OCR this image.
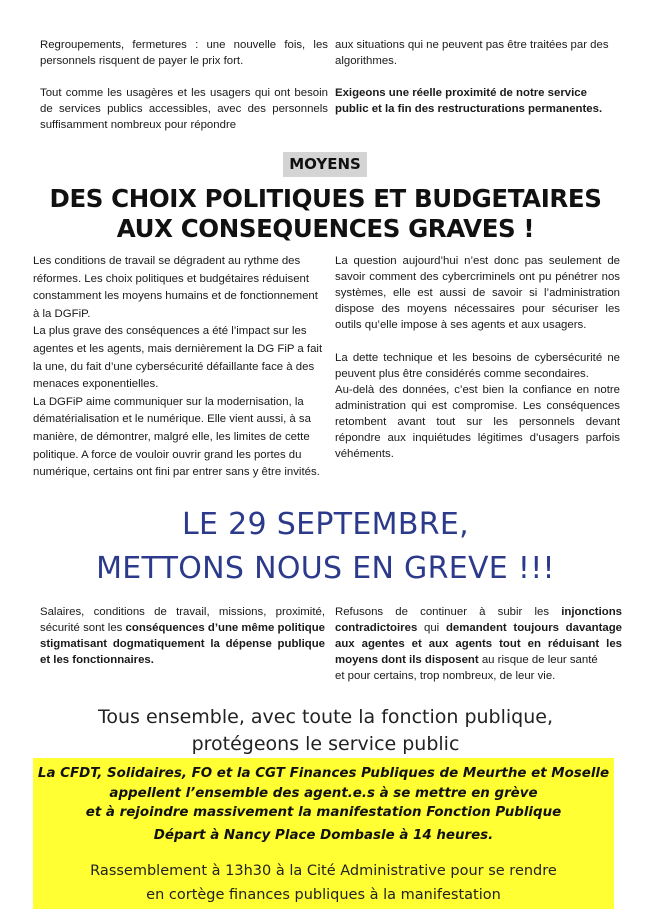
Regroupements, fermetures : une nouvelle fois, les personnels risquent de payer le prix fort.

Tout comme les usagères et les usagers qui ont besoin de services publics accessibles, avec des personnels suffisamment nombreux pour répondre

aux situations qui ne peuvent pas être traitées par des algorithmes.

Exigeons une réelle proximité de notre service public et la fin des restructurations permanentes.

MOYENS
DES CHOIX POLITIQUES ET BUDGETAIRES
AUX CONSEQUENCES GRAVES !

Les conditions de travail se dégradent au rythme des réformes. Les choix politiques et budgétaires réduisent constamment les moyens humains et de fonctionnement à la DGFiP.

La plus grave des conséquences a été l’impact sur les agentes et les agents, mais dernièrement la DG FiP a fait la une, du fait d’une cybersécurité défaillante face à des menaces exponentielles.

La DGFiP aime communiquer sur la modernisation, la dématérialisation et le numérique. Elle vient aussi, à sa manière, de démontrer, malgré elle, les limites de cette politique. A force de vouloir ouvrir grand les portes du numérique, certains ont fini par entrer sans y être invités.

La question aujourd’hui n’est donc pas seulement de savoir comment des cybercriminels ont pu pénétrer nos systèmes, elle est aussi de savoir si l’administration dispose des moyens nécessaires pour sécuriser les outils qu’elle impose à ses agents et aux usagers.

La dette technique et les besoins de cybersécurité ne peuvent plus être considérés comme secondaires.

Au-delà des données, c’est bien la confiance en notre administration qui est compromise. Les conséquences retombent avant tout sur les personnels devant répondre aux inquiétudes légitimes d’usagers parfois véhéments.

LE 29 SEPTEMBRE,
METTONS NOUS EN GREVE !!!

Salaires, conditions de travail, missions, proximité, sécurité sont les conséquences d’une même politique stigmatisant dogmatiquement la dépense publique et les fonctionnaires.

Refusons de continuer à subir les injonctions contradictoires qui demandent toujours davantage aux agentes et aux agents tout en réduisant les moyens dont ils disposent au risque de leur santé

et pour certains, trop nombreux, de leur vie.

Tous ensemble, avec toute la fonction publique,
protégeons le service public
La CFDT, Solidaires, FO et la CGT Finances Publiques de Meurthe et Moselle
appellent l’ensemble des agent.e.s à se mettre en grève
et à rejoindre massivement la manifestation Fonction Publique
Départ à Nancy Place Dombasle à 14 heures.
Rassemblement à 13h30 à la Cité Administrative pour se rendre
en cortège finances publiques à la manifestation
